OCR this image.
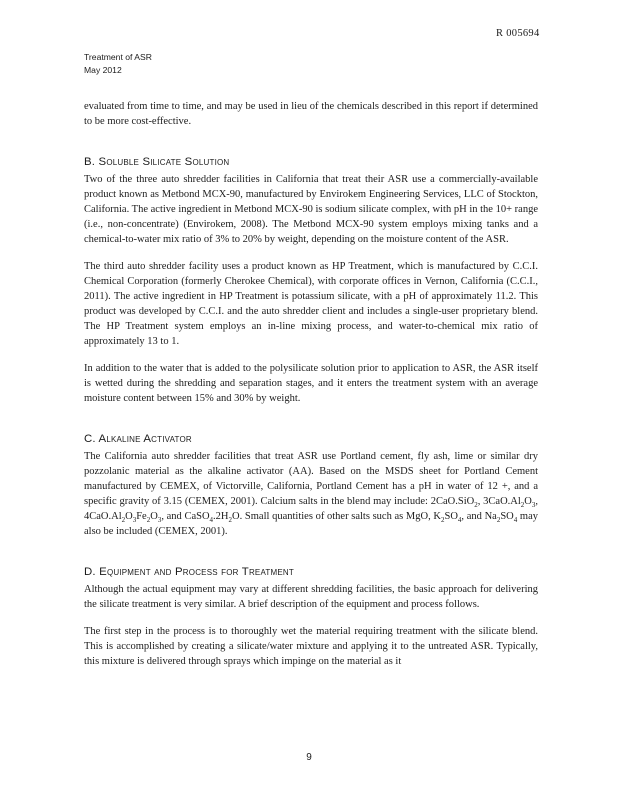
R 005694
Treatment of ASR
May 2012

evaluated from time to time, and may be used in lieu of the chemicals described in this report if determined to be more cost-effective.

B. Soluble Silicate Solution

Two of the three auto shredder facilities in California that treat their ASR use a commercially-available product known as Metbond MCX-90, manufactured by Envirokem Engineering Services, LLC of Stockton, California. The active ingredient in Metbond MCX-90 is sodium silicate complex, with pH in the 10+ range (i.e., non-concentrate) (Envirokem, 2008). The Metbond MCX-90 system employs mixing tanks and a chemical-to-water mix ratio of 3% to 20% by weight, depending on the moisture content of the ASR.

The third auto shredder facility uses a product known as HP Treatment, which is manufactured by C.C.I. Chemical Corporation (formerly Cherokee Chemical), with corporate offices in Vernon, California (C.C.I., 2011). The active ingredient in HP Treatment is potassium silicate, with a pH of approximately 11.2. This product was developed by C.C.I. and the auto shredder client and includes a single-user proprietary blend. The HP Treatment system employs an in-line mixing process, and water-to-chemical mix ratio of approximately 13 to 1.

In addition to the water that is added to the polysilicate solution prior to application to ASR, the ASR itself is wetted during the shredding and separation stages, and it enters the treatment system with an average moisture content between 15% and 30% by weight.

C. Alkaline Activator

The California auto shredder facilities that treat ASR use Portland cement, fly ash, lime or similar dry pozzolanic material as the alkaline activator (AA). Based on the MSDS sheet for Portland Cement manufactured by CEMEX, of Victorville, California, Portland Cement has a pH in water of 12 +, and a specific gravity of 3.15 (CEMEX, 2001). Calcium salts in the blend may include: 2CaO.SiO$_2$, $3CaO.Al_2O_3$, $4CaO.Al_2O_3Fe_2O_3$, and $CaSO_4.2H_2O$. Small quantities of other salts such as MgO, $K_2SO_4$, and $Na_2SO_4$ may also be included (CEMEX, 2001).

D. Equipment and Process for Treatment

Although the actual equipment may vary at different shredding facilities, the basic approach for delivering the silicate treatment is very similar. A brief description of the equipment and process follows.

The first step in the process is to thoroughly wet the material requiring treatment with the silicate blend. This is accomplished by creating a silicate/water mixture and applying it to the untreated ASR. Typically, this mixture is delivered through sprays which impinge on the material as it

9
